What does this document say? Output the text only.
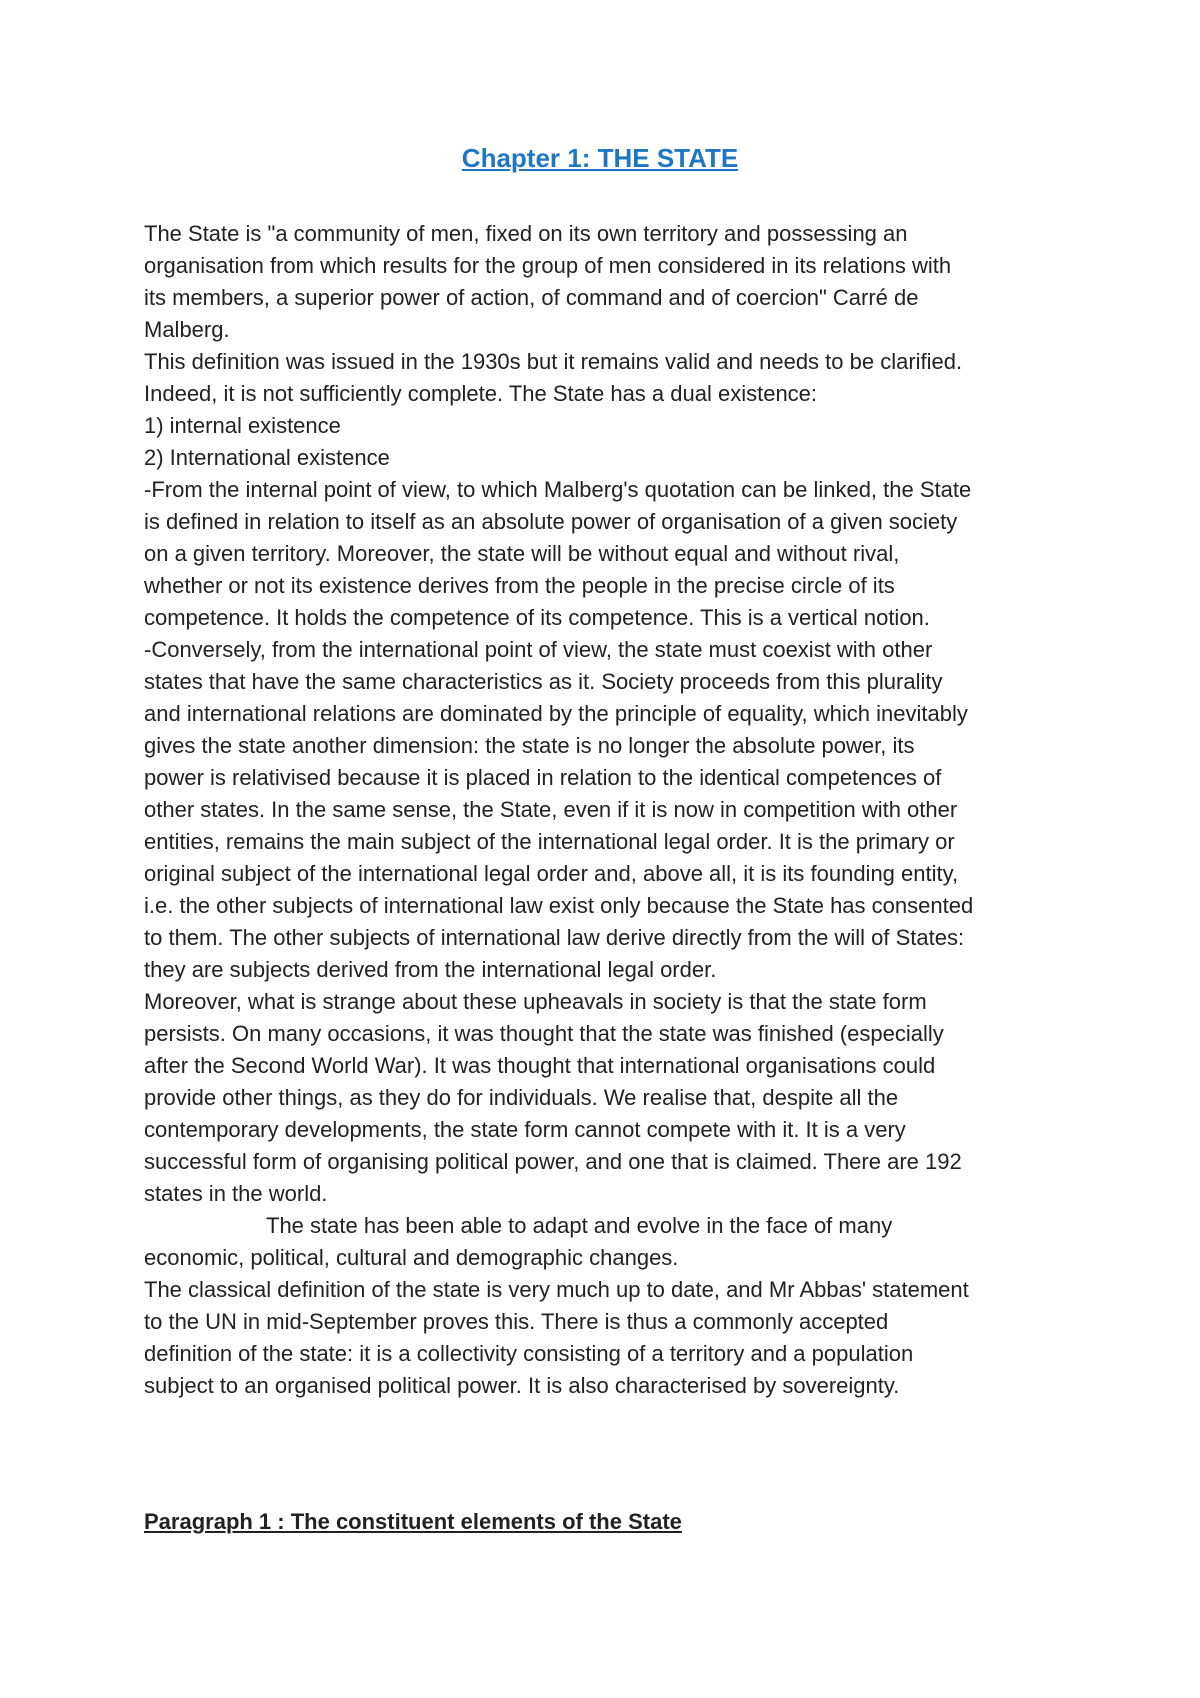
Chapter 1: THE STATE
The State is "a community of men, fixed on its own territory and possessing an
organisation from which results for the group of men considered in its relations with
its members, a superior power of action, of command and of coercion" Carré de
Malberg.
This definition was issued in the 1930s but it remains valid and needs to be clarified.
Indeed, it is not sufficiently complete. The State has a dual existence:
1) internal existence
2) International existence
-From the internal point of view, to which Malberg's quotation can be linked, the State
is defined in relation to itself as an absolute power of organisation of a given society
on a given territory. Moreover, the state will be without equal and without rival,
whether or not its existence derives from the people in the precise circle of its
competence. It holds the competence of its competence. This is a vertical notion.
-Conversely, from the international point of view, the state must coexist with other
states that have the same characteristics as it. Society proceeds from this plurality
and international relations are dominated by the principle of equality, which inevitably
gives the state another dimension: the state is no longer the absolute power, its
power is relativised because it is placed in relation to the identical competences of
other states. In the same sense, the State, even if it is now in competition with other
entities, remains the main subject of the international legal order. It is the primary or
original subject of the international legal order and, above all, it is its founding entity,
i.e. the other subjects of international law exist only because the State has consented
to them. The other subjects of international law derive directly from the will of States:
they are subjects derived from the international legal order.
Moreover, what is strange about these upheavals in society is that the state form
persists. On many occasions, it was thought that the state was finished (especially
after the Second World War). It was thought that international organisations could
provide other things, as they do for individuals. We realise that, despite all the
contemporary developments, the state form cannot compete with it. It is a very
successful form of organising political power, and one that is claimed. There are 192
states in the world.
The state has been able to adapt and evolve in the face of many
economic, political, cultural and demographic changes.
The classical definition of the state is very much up to date, and Mr Abbas' statement
to the UN in mid-September proves this. There is thus a commonly accepted
definition of the state: it is a collectivity consisting of a territory and a population
subject to an organised political power. It is also characterised by sovereignty.
Paragraph 1 : The constituent elements of the State
